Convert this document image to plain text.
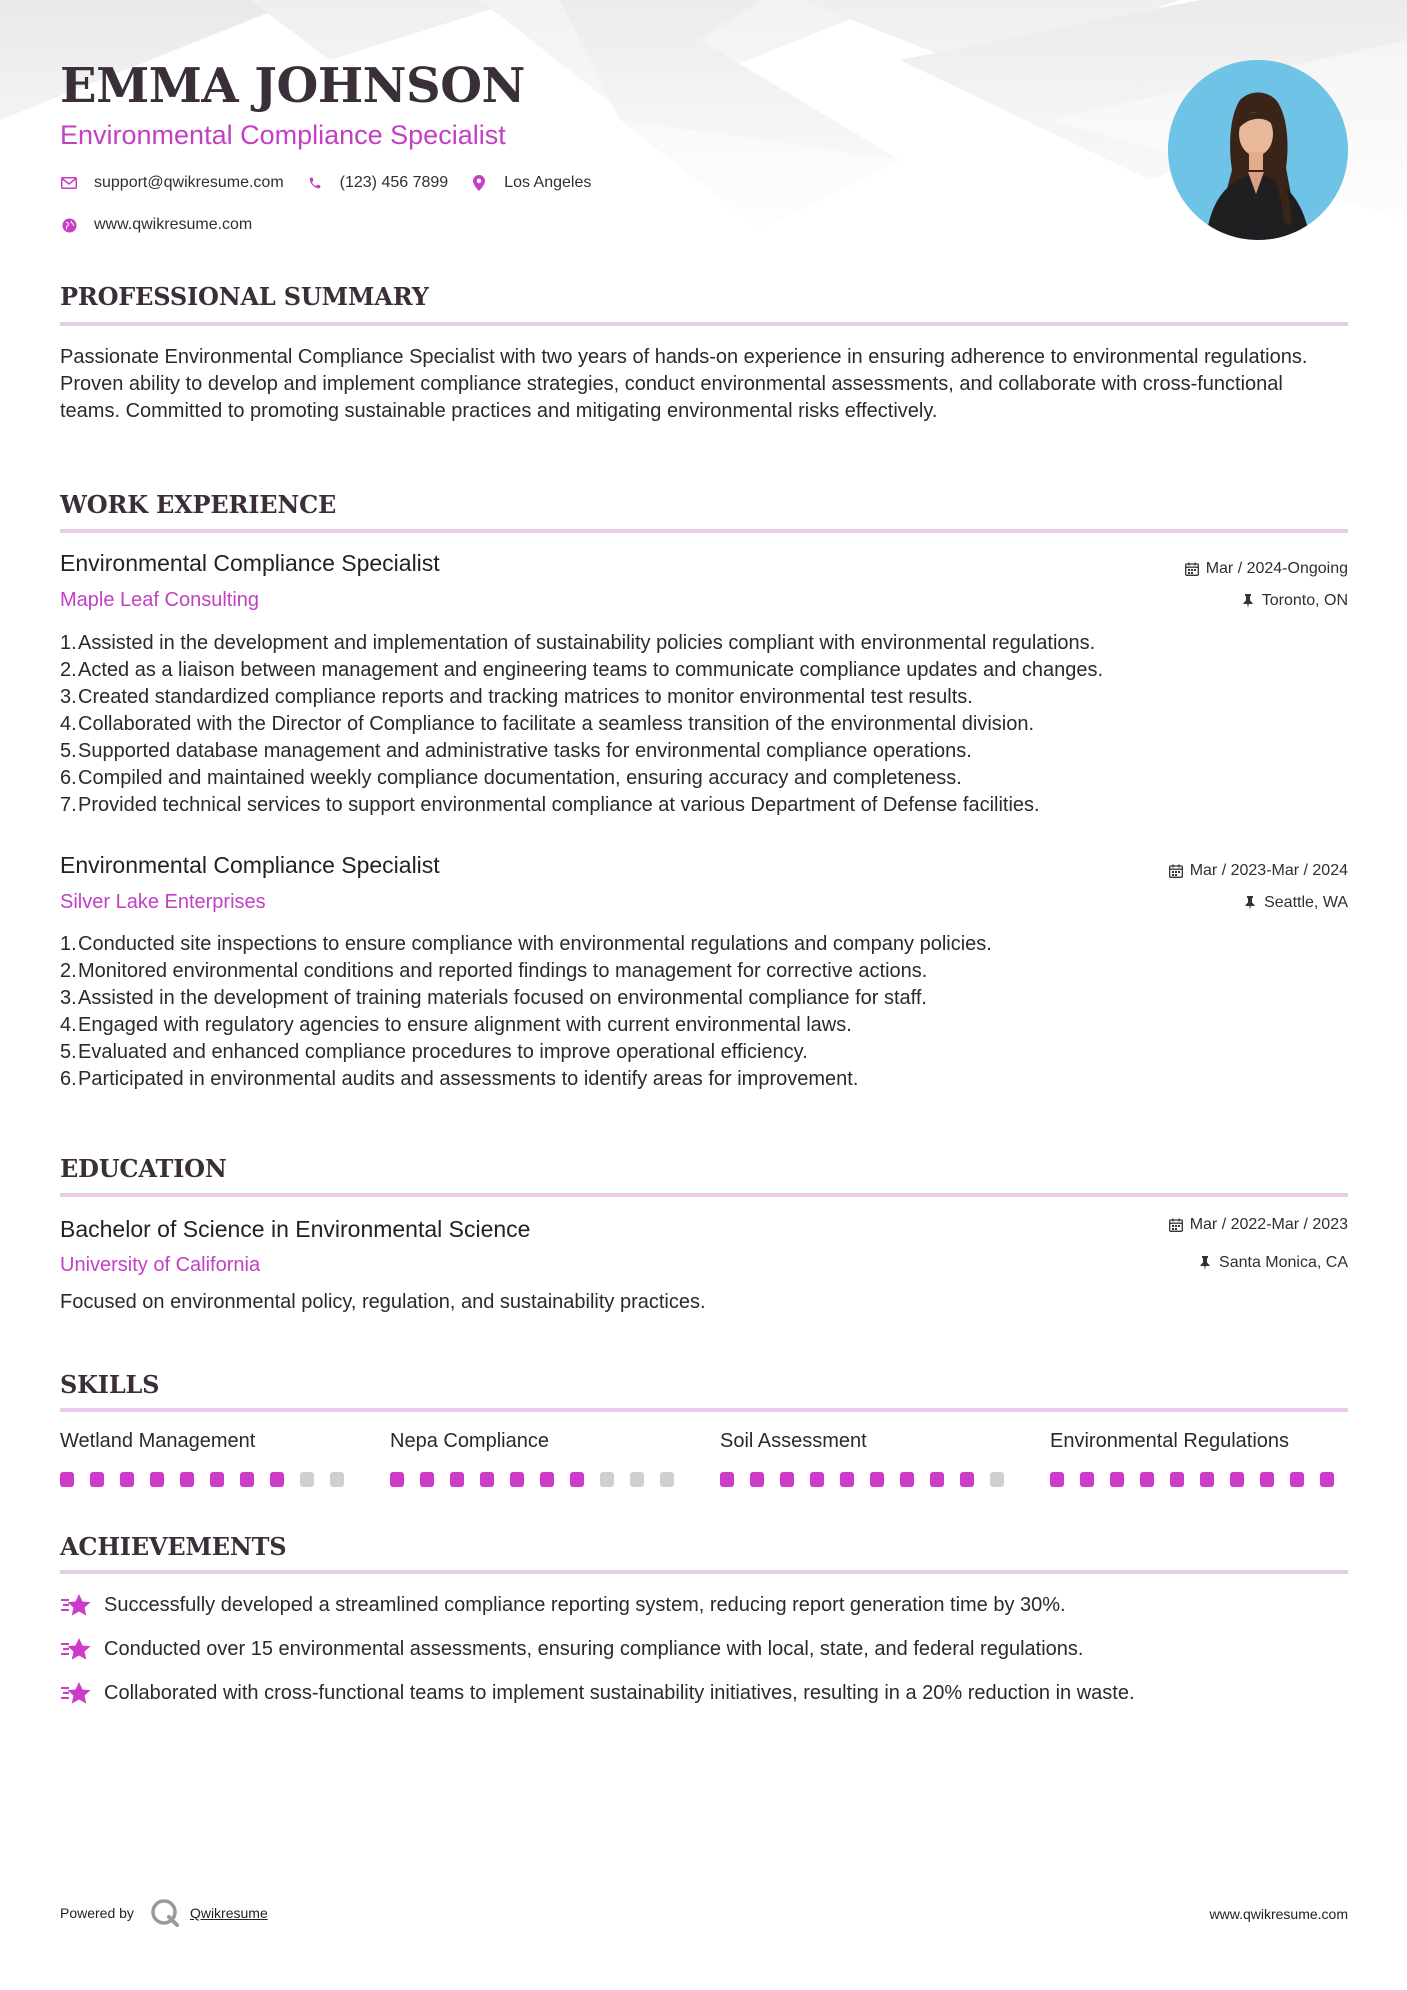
EMMA JOHNSON
Environmental Compliance Specialist
support@qwikresume.com	(123) 456 7899	Los Angeles
www.qwikresume.com
PROFESSIONAL SUMMARY
Passionate Environmental Compliance Specialist with two years of hands-on experience in ensuring adherence to environmental regulations. Proven ability to develop and implement compliance strategies, conduct environmental assessments, and collaborate with cross-functional teams. Committed to promoting sustainable practices and mitigating environmental risks effectively.
WORK EXPERIENCE
Environmental Compliance Specialist
Maple Leaf Consulting
Mar / 2024-Ongoing
Toronto, ON
1. Assisted in the development and implementation of sustainability policies compliant with environmental regulations.
2. Acted as a liaison between management and engineering teams to communicate compliance updates and changes.
3. Created standardized compliance reports and tracking matrices to monitor environmental test results.
4. Collaborated with the Director of Compliance to facilitate a seamless transition of the environmental division.
5. Supported database management and administrative tasks for environmental compliance operations.
6. Compiled and maintained weekly compliance documentation, ensuring accuracy and completeness.
7. Provided technical services to support environmental compliance at various Department of Defense facilities.
Environmental Compliance Specialist
Silver Lake Enterprises
Mar / 2023-Mar / 2024
Seattle, WA
1. Conducted site inspections to ensure compliance with environmental regulations and company policies.
2. Monitored environmental conditions and reported findings to management for corrective actions.
3. Assisted in the development of training materials focused on environmental compliance for staff.
4. Engaged with regulatory agencies to ensure alignment with current environmental laws.
5. Evaluated and enhanced compliance procedures to improve operational efficiency.
6. Participated in environmental audits and assessments to identify areas for improvement.
EDUCATION
Bachelor of Science in Environmental Science
University of California
Mar / 2022-Mar / 2023
Santa Monica, CA
Focused on environmental policy, regulation, and sustainability practices.
SKILLS
Wetland Management	Nepa Compliance	Soil Assessment	Environmental Regulations
ACHIEVEMENTS
Successfully developed a streamlined compliance reporting system, reducing report generation time by 30%.
Conducted over 15 environmental assessments, ensuring compliance with local, state, and federal regulations.
Collaborated with cross-functional teams to implement sustainability initiatives, resulting in a 20% reduction in waste.
Powered by	Qwikresume	www.qwikresume.com
